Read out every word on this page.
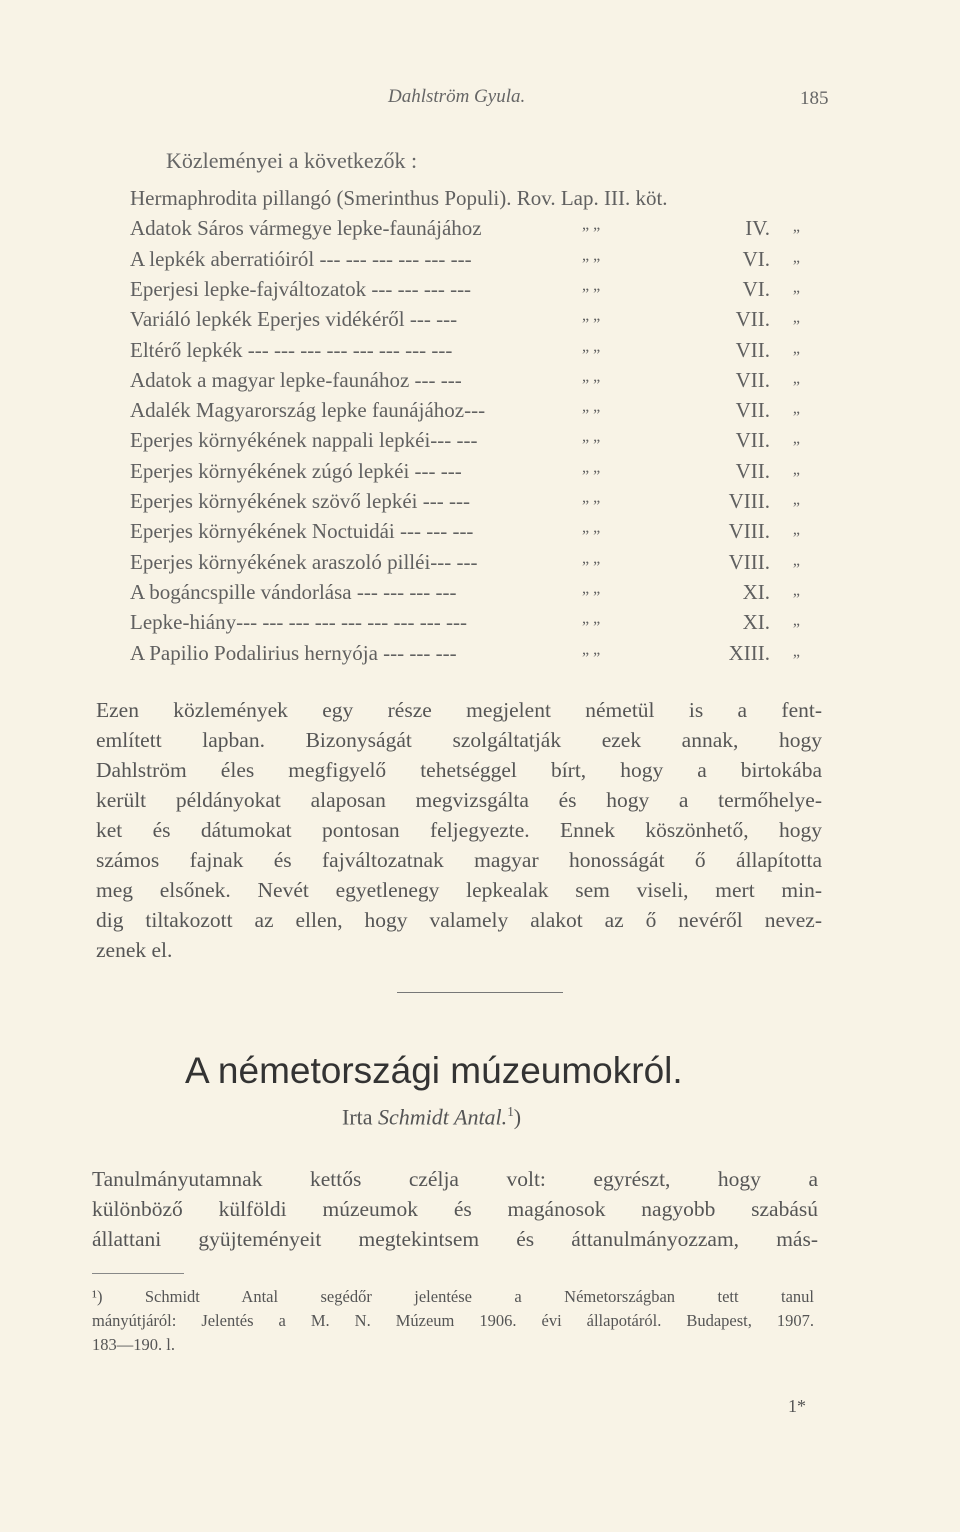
Dahlström Gyula.	185
Közleményei a következők :
Hermaphrodita pillangó (Smerinthus Populi). Rov. Lap. III. köt.
Adatok Sáros vármegye lepke-faunájához	„ „	IV. „
A lepkék aberratióiról --- --- --- --- --- ---	„ „	VI. „
Eperjesi lepke-fajváltozatok --- --- --- ---	„ „	VI. „
Variáló lepkék Eperjes vidékéről --- ---	„ „	VII. „
Eltérő lepkék --- --- --- --- --- --- --- ---	„ „	VII. „
Adatok a magyar lepke-faunához --- ---	„ „	VII. „
Adalék Magyarország lepke faunájához---	„ „	VII. „
Eperjes környékének nappali lepkéi--- ---	„ „	VII. „
Eperjes környékének zúgó lepkéi --- ---	„ „	VII. „
Eperjes környékének szövő lepkéi --- ---	„ „	VIII. „
Eperjes környékének Noctuidái --- --- ---	„ „	VIII. „
Eperjes környékének araszoló pilléi--- ---	„ „	VIII. „
A bogáncspille vándorlása --- --- --- ---	„ „	XI. „
Lepke-hiány--- --- --- --- --- --- --- --- ---	„ „	XI. „
A Papilio Podalirius hernyója --- --- ---	„ „	XIII. „
Ezen közlemények egy része megjelent németül is a fent-
említett lapban. Bizonyságát szolgáltatják ezek annak, hogy
Dahlström éles megfigyelő tehetséggel bírt, hogy a birtokába
került példányokat alaposan megvizsgálta és hogy a termőhelye-
ket és dátumokat pontosan feljegyezte. Ennek köszönhető, hogy
számos fajnak és fajváltozatnak magyar honosságát ő állapította
meg elsőnek. Nevét egyetlenegy lepkealak sem viseli, mert min-
dig tiltakozott az ellen, hogy valamely alakot az ő nevéről nevez-
zenek el.
A németországi múzeumokról.
Irta Schmidt Antal.$^1$)
Tanulmányutamnak kettős czélja volt: egyrészt, hogy a
különböző külföldi múzeumok és magánosok nagyobb szabású
állattani gyüjteményeit megtekintsem és áttanulmányozzam, más-
¹) Schmidt Antal segédőr jelentése a Németországban tett tanul
mányútjáról: Jelentés a M. N. Múzeum 1906. évi állapotáról. Budapest, 1907.
183—190. l.
1*
